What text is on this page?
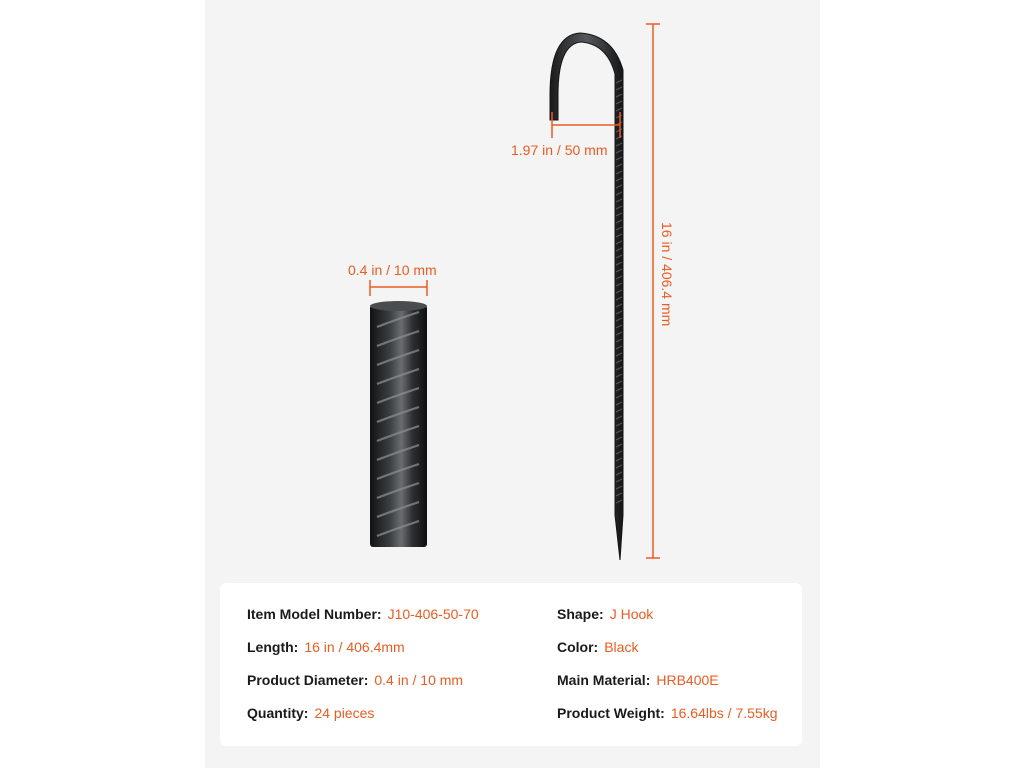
1.97 in / 50 mm
0.4 in / 10 mm	16 in / 406.4 mm
Item Model Number: J10-406-50-70
Length: 16 in / 406.4mm
Product Diameter: 0.4 in / 10 mm
Quantity: 24 pieces
Shape: J Hook
Color: Black
Main Material: HRB400E
Product Weight: 16.64lbs / 7.55kg
